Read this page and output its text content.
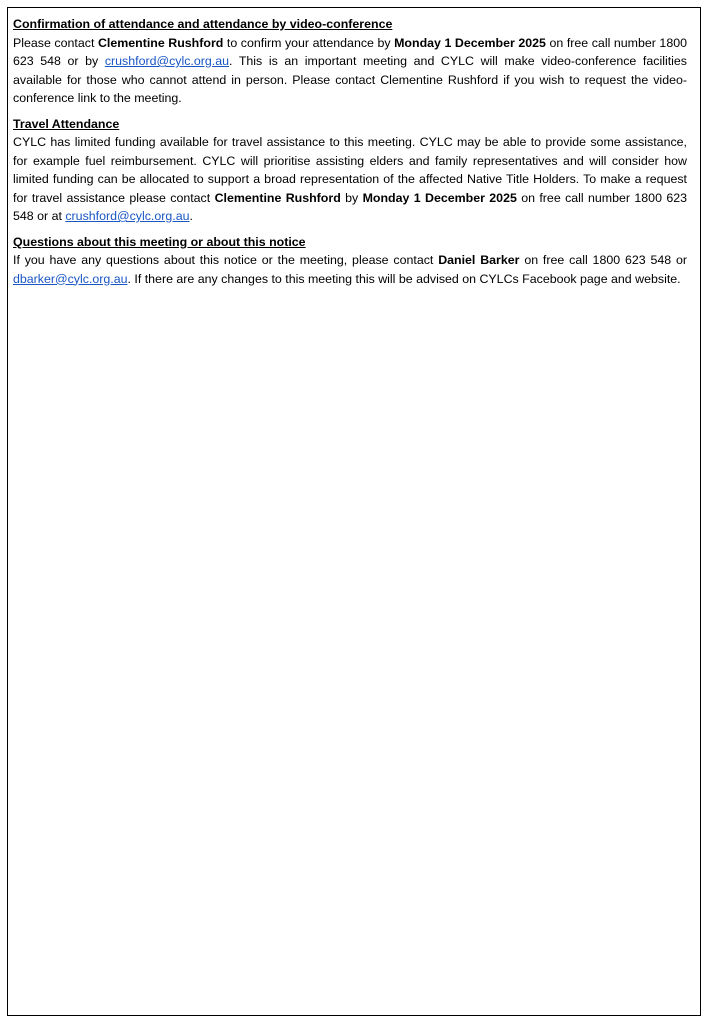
Confirmation of attendance and attendance by video-conference

Please contact Clementine Rushford to confirm your attendance by Monday 1 December 2025 on free call number 1800 623 548 or by crushford@cylc.org.au. This is an important meeting and CYLC will make video-conference facilities available for those who cannot attend in person. Please contact Clementine Rushford if you wish to request the video-conference link to the meeting.

Travel Attendance

CYLC has limited funding available for travel assistance to this meeting. CYLC may be able to provide some assistance, for example fuel reimbursement. CYLC will prioritise assisting elders and family representatives and will consider how limited funding can be allocated to support a broad representation of the affected Native Title Holders. To make a request for travel assistance please contact Clementine Rushford by Monday 1 December 2025 on free call number 1800 623 548 or at crushford@cylc.org.au.

Questions about this meeting or about this notice

If you have any questions about this notice or the meeting, please contact Daniel Barker on free call 1800 623 548 or dbarker@cylc.org.au. If there are any changes to this meeting this will be advised on CYLCs Facebook page and website.
